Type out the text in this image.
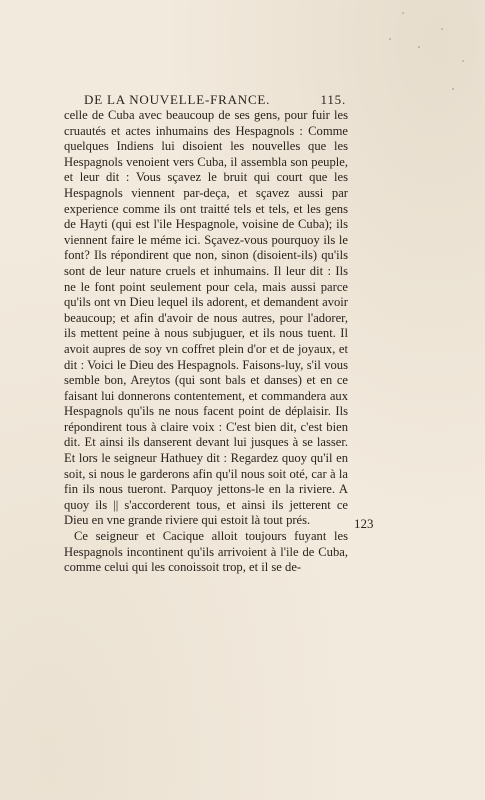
DE LA NOUVELLE-FRANCE.	115.

celle de Cuba avec beaucoup de ses gens, pour fuir les cruautés et actes inhumains des Hespagnols : Comme quelques Indiens lui disoient les nouvelles que les Hespagnols venoient vers Cuba, il assembla son peuple, et leur dit : Vous sçavez le bruit qui court que les Hespagnols viennent par-deça, et sçavez aussi par experience comme ils ont traitté tels et tels, et les gens de Hayti (qui est l'ile Hespagnole, voisine de Cuba); ils viennent faire le méme ici. Sçavez-vous pourquoy ils le font? Ils répondirent que non, sinon (disoient-ils) qu'ils sont de leur nature cruels et inhumains. Il leur dit : Ils ne le font point seulement pour cela, mais aussi parce qu'ils ont vn Dieu lequel ils adorent, et demandent avoir beaucoup; et afin d'avoir de nous autres, pour l'adorer, ils mettent peine à nous subjuguer, et ils nous tuent. Il avoit aupres de soy vn coffret plein d'or et de joyaux, et dit : Voici le Dieu des Hespagnols. Faisons-luy, s'il vous semble bon, Areytos (qui sont bals et danses) et en ce faisant lui donnerons contentement, et commandera aux Hespagnols qu'ils ne nous facent point de déplaisir. Ils répondirent tous à claire voix : C'est bien dit, c'est bien dit. Et ainsi ils danserent devant lui jusques à se lasser. Et lors le seigneur Hathuey dit : Regardez quoy qu'il en soit, si nous le garderons afin qu'il nous soit oté, car à la fin ils nous tueront. Parquoy jettons-le en la riviere. A quoy ils || s'accorderent tous, et ainsi ils jetterent ce Dieu en vne grande riviere qui estoit là tout prés.

Ce seigneur et Cacique alloit toujours fuyant les Hespagnols incontinent qu'ils arrivoient à l'ile de Cuba, comme celui qui les conoissoit trop, et il se de-

123
